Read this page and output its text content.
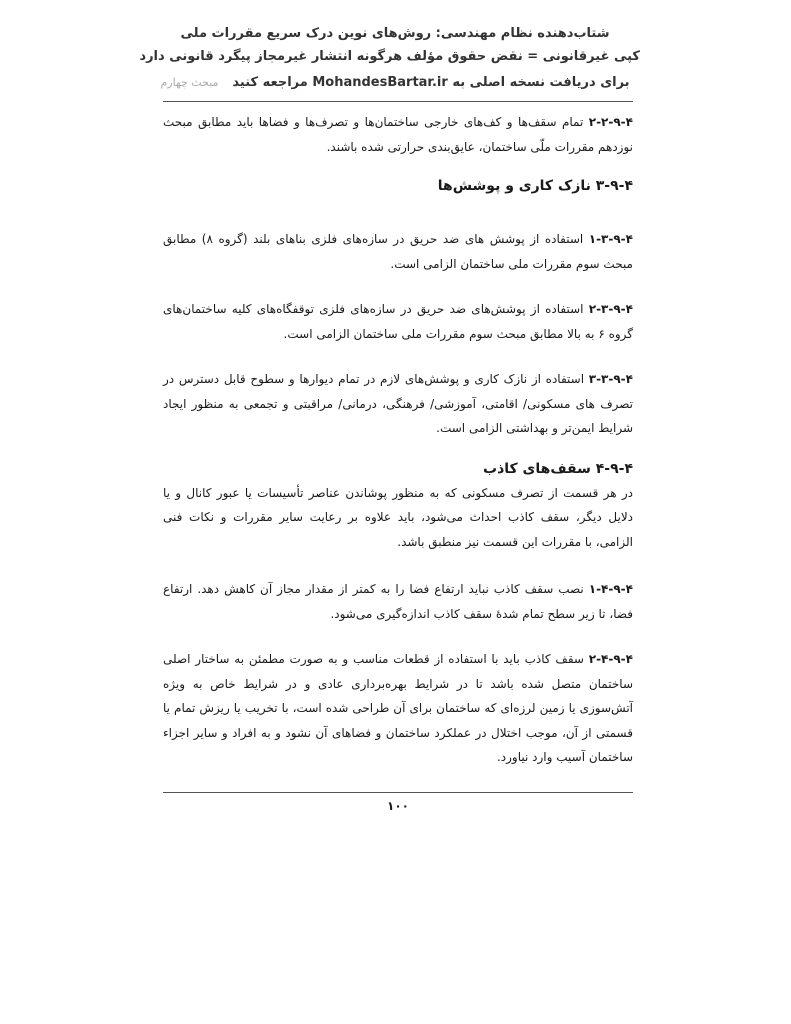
شتاب‌دهنده نظام مهندسی: روش‌های نوین درک سریع مقررات ملی
کپی غیرقانونی = نقض حقوق مؤلف هرگونه انتشار غیرمجاز پیگرد قانونی دارد
برای دریافت نسخه اصلی به MohandesBartar.ir مراجعه کنید
مبحث چهارم
۴-۹-۲-۲ تمام سقف‌ها و کف‌های خارجی ساختمان‌ها و تصرف‌ها و فضاها باید مطابق مبحث نوزدهم مقررات ملّی ساختمان، عایق‌بندی حرارتی شده باشند.
۴-۹-۳ نازک کاری و پوشش‌ها
۴-۹-۳-۱ استفاده از پوشش های ضد حریق در سازه‌های فلزی بناهای بلند (گروه ۸) مطابق مبحث سوم مقررات ملی ساختمان الزامی است.
۴-۹-۳-۲ استفاده از پوشش‌های ضد حریق در سازه‌های فلزی توقفگاه‌های کلیه ساختمان‌های گروه ۶ به بالا مطابق مبحث سوم مقررات ملی ساختمان الزامی است.
۴-۹-۳-۳ استفاده از نازک کاری و پوشش‌های لازم در تمام دیوارها و سطوح قابل دسترس در تصرف های مسکونی/ اقامتی، آموزشی/ فرهنگی، درمانی/ مراقبتی و تجمعی به منظور ایجاد شرایط ایمن‌تر و بهداشتی الزامی است.
۴-۹-۴ سقف‌های کاذب
در هر قسمت از تصرف مسکونی که به منظور پوشاندن عناصر تأسیسات یا عبور کانال و یا دلایل دیگر، سقف کاذب احداث می‌شود، باید علاوه بر رعایت سایر مقررات و نکات فنی الزامی، با مقررات این قسمت نیز منطبق باشد.
۴-۹-۴-۱ نصب سقف کاذب نباید ارتفاع فضا را به کمتر از مقدار مجاز آن کاهش دهد. ارتفاع فضا، تا زیر سطح تمام شدهٔ سقف کاذب اندازه‌گیری می‌شود.
۴-۹-۴-۲ سقف کاذب باید با استفاده از قطعات مناسب و به صورت مطمئن به ساختار اصلی ساختمان متصل شده باشد تا در شرایط بهره‌برداری عادی و در شرایط خاص به ویژه آتش‌سوزی یا زمین لرزه‌ای که ساختمان برای آن طراحی شده است، با تخریب یا ریزش تمام یا قسمتی از آن، موجب اختلال در عملکرد ساختمان و فضاهای آن نشود و به افراد و سایر اجزاء ساختمان آسیب وارد نیاورد.
۱۰۰
